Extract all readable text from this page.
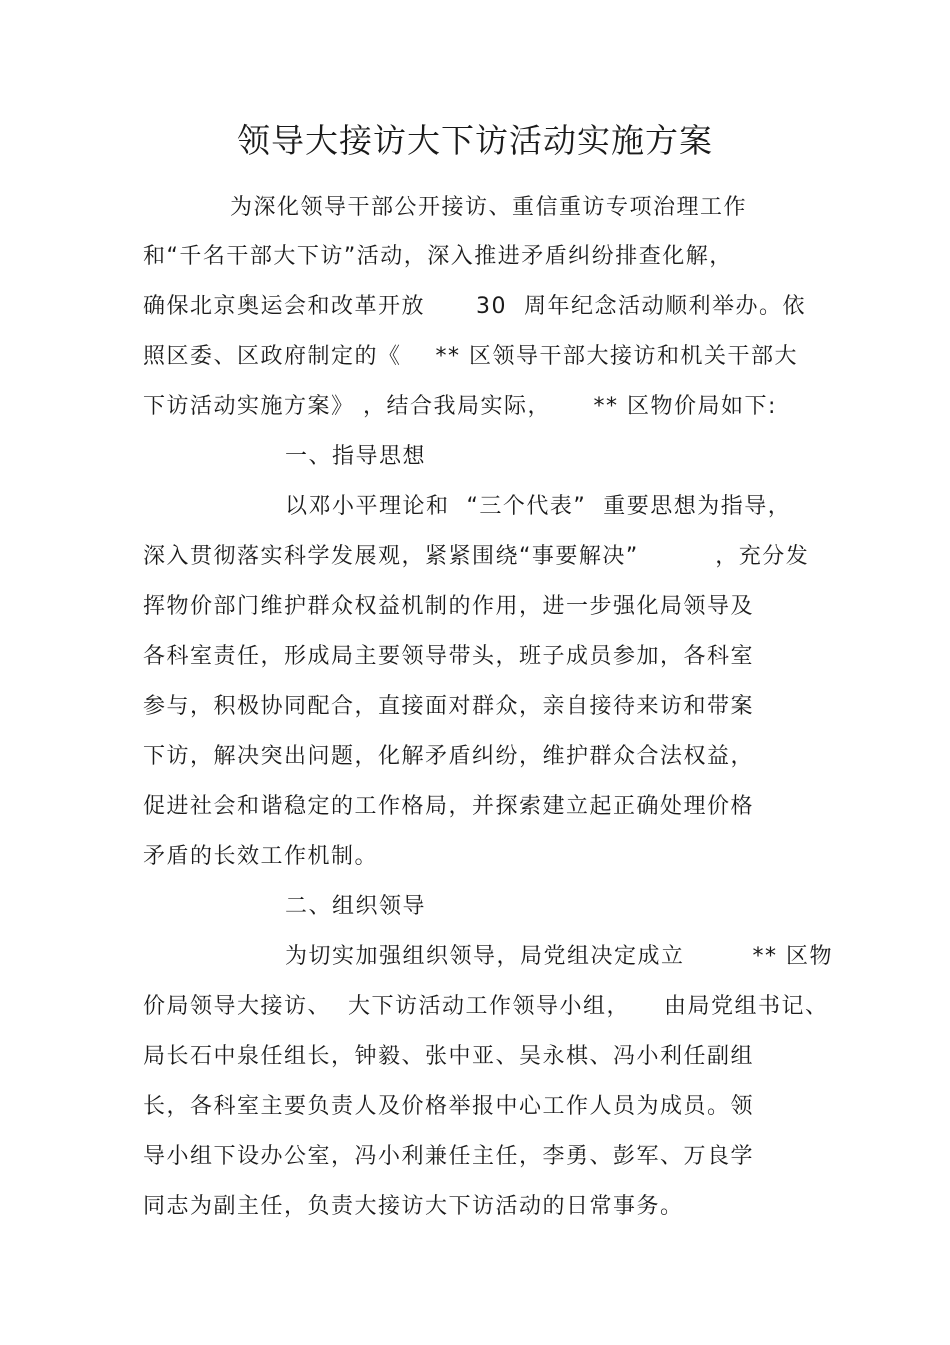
领导大接访大下访活动实施方案
为深化领导干部公开接访、重信重访专项治理工作
和“千名干部大下访”活动，深入推进矛盾纠纷排查化解，
确保北京奥运会和改革开放      30  周年纪念活动顺利举办。依
照区委、区政府制定的《    ** 区领导干部大接访和机关干部大
下访活动实施方案》 ，结合我局实际，     ** 区物价局如下:
一、指导思想
以邓小平理论和  “三个代表”  重要思想为指导，
深入贯彻落实科学发展观，紧紧围绕“事要解决”         ，充分发
挥物价部门维护群众权益机制的作用，进一步强化局领导及
各科室责任，形成局主要领导带头，班子成员参加，各科室
参与，积极协同配合，直接面对群众，亲自接待来访和带案
下访，解决突出问题，化解矛盾纠纷，维护群众合法权益，
促进社会和谐稳定的工作格局，并探索建立起正确处理价格
矛盾的长效工作机制。
二、组织领导
为切实加强组织领导，局党组决定成立        ** 区物
价局领导大接访、  大下访活动工作领导小组，    由局党组书记、
局长石中泉任组长，钟毅、张中亚、吴永棋、冯小利任副组
长，各科室主要负责人及价格举报中心工作人员为成员。领
导小组下设办公室，冯小利兼任主任，李勇、彭军、万良学
同志为副主任，负责大接访大下访活动的日常事务。
